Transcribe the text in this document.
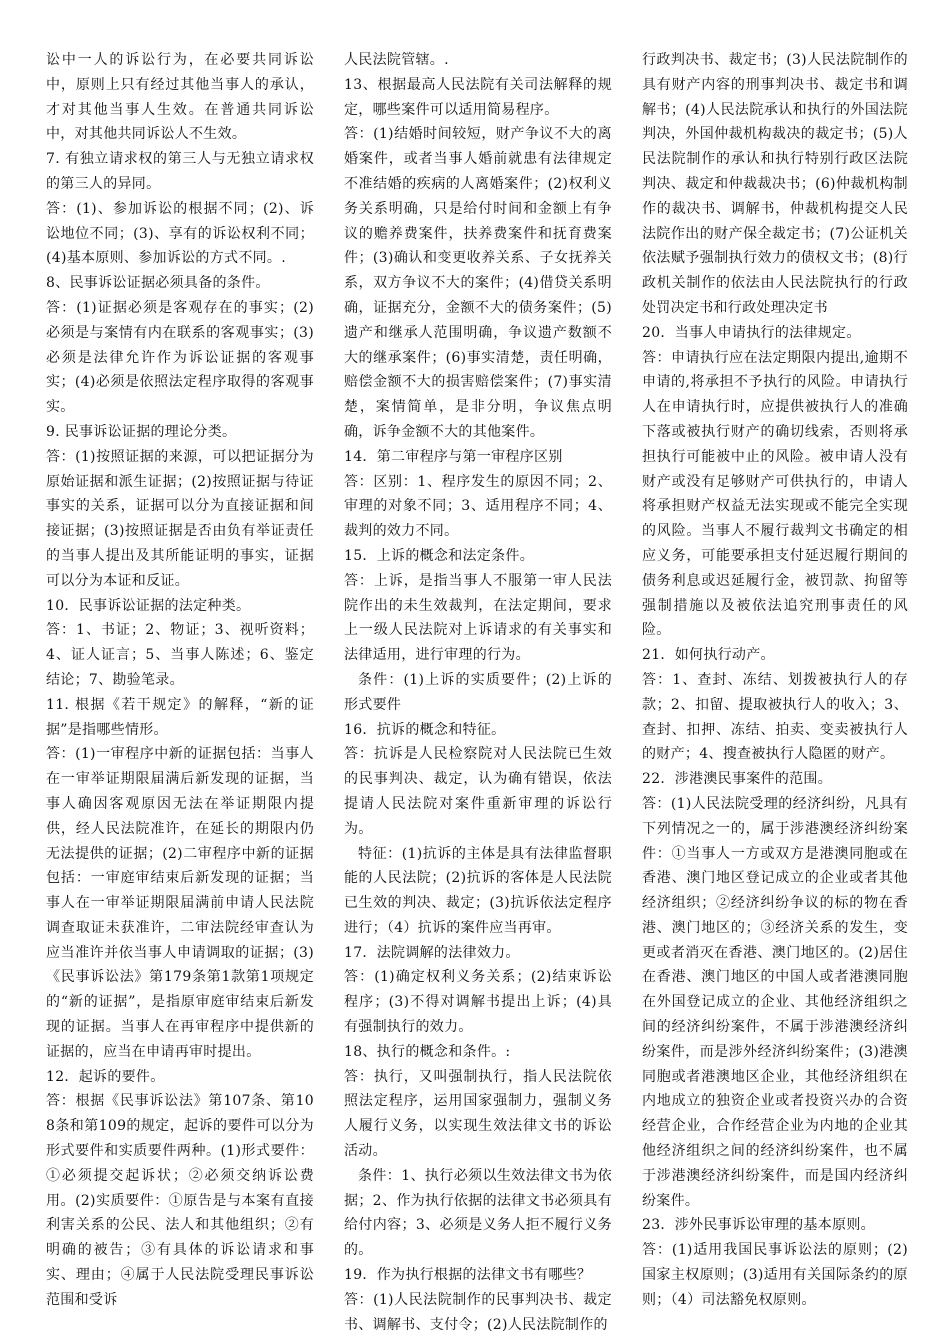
讼中一人的诉讼行为，在必要共同诉讼中，原则上只有经过其他当事人的承认，才对其他当事人生效。在普通共同诉讼中，对其他共同诉讼人不生效。

7. 有独立请求权的第三人与无独立请求权的第三人的异同。

答：(1)、参加诉讼的根据不同；(2)、诉讼地位不同；(3)、享有的诉讼权利不同；(4)基本原则、参加诉讼的方式不同。.

8、民事诉讼证据必须具备的条件。

答：(1)证据必须是客观存在的事实；(2)必须是与案情有内在联系的客观事实；(3)必须是法律允许作为诉讼证据的客观事实；(4)必须是依照法定程序取得的客观事实。

9. 民事诉讼证据的理论分类。

答：(1)按照证据的来源，可以把证据分为原始证据和派生证据；(2)按照证据与待证事实的关系，证据可以分为直接证据和间接证据；(3)按照证据是否由负有举证责任的当事人提出及其所能证明的事实，证据可以分为本证和反证。

10．民事诉讼证据的法定种类。

答：1、书证；2、物证；3、视听资料；4、证人证言；5、当事人陈述；6、鉴定结论；7、勘验笔录。

11. 根据《若干规定》的解释，“新的证据”是指哪些情形。

答：(1)一审程序中新的证据包括：当事人在一审举证期限届满后新发现的证据，当事人确因客观原因无法在举证期限内提供，经人民法院准许，在延长的期限内仍无法提供的证据；(2)二审程序中新的证据包括：一审庭审结束后新发现的证据；当事人在一审举证期限届满前申请人民法院调查取证未获准许，二审法院经审查认为应当准许并依当事人申请调取的证据；(3)《民事诉讼法》第179条第1款第1项规定的“新的证据”，是指原审庭审结束后新发现的证据。当事人在再审程序中提供新的证据的，应当在申请再审时提出。

12．起诉的要件。

答：根据《民事诉讼法》第107条、第108条和第109的规定，起诉的要件可以分为形式要件和实质要件两种。(1)形式要件：①必须提交起诉状；②必须交纳诉讼费用。(2)实质要件：①原告是与本案有直接利害关系的公民、法人和其他组织；②有明确的被告；③有具体的诉讼请求和事实、理由；④属于人民法院受理民事诉讼范围和受诉

人民法院管辖。.

13、根据最高人民法院有关司法解释的规定，哪些案件可以适用简易程序。

答：(1)结婚时间较短，财产争议不大的离婚案件，或者当事人婚前就患有法律规定不准结婚的疾病的人离婚案件；(2)权利义务关系明确，只是给付时间和金额上有争议的赡养费案件，扶养费案件和抚育费案件；(3)确认和变更收养关系、子女抚养关系，双方争议不大的案件；(4)借贷关系明确，证据充分，金额不大的债务案件；(5)遗产和继承人范围明确，争议遗产数额不大的继承案件；(6)事实清楚，责任明确，赔偿金额不大的损害赔偿案件；(7)事实清楚，案情简单，是非分明，争议焦点明确，诉争金额不大的其他案件。

14．第二审程序与第一审程序区别

答：区别：1、程序发生的原因不同；2、审理的对象不同；3、适用程序不同；4、裁判的效力不同。

15．上诉的概念和法定条件。

答：上诉，是指当事人不服第一审人民法院作出的未生效裁判，在法定期间，要求上一级人民法院对上诉请求的有关事实和法律适用，进行审理的行为。

条件：(1)上诉的实质要件；(2)上诉的形式要件

16．抗诉的概念和特征。

答：抗诉是人民检察院对人民法院已生效的民事判决、裁定，认为确有错误，依法提请人民法院对案件重新审理的诉讼行为。

特征：(1)抗诉的主体是具有法律监督职能的人民法院；(2)抗诉的客体是人民法院已生效的判决、裁定；(3)抗诉依法定程序进行；（4）抗诉的案件应当再审。

17．法院调解的法律效力。

答：(1)确定权利义务关系；(2)结束诉讼程序；(3)不得对调解书提出上诉；(4)具有强制执行的效力。

18、执行的概念和条件。:

答：执行，又叫强制执行，指人民法院依照法定程序，运用国家强制力，强制义务人履行义务，以实现生效法律文书的诉讼活动。

条件：1、执行必须以生效法律文书为依据；2、作为执行依据的法律文书必须具有给付内容；3、必须是义务人拒不履行义务的。

19．作为执行根据的法律文书有哪些？

答：(1)人民法院制作的民事判决书、裁定书、调解书、支付令；(2)人民法院制作的

行政判决书、裁定书；(3)人民法院制作的具有财产内容的刑事判决书、裁定书和调解书；(4)人民法院承认和执行的外国法院判决，外国仲裁机构裁决的裁定书；(5)人民法院制作的承认和执行特别行政区法院判决、裁定和仲裁裁决书；(6)仲裁机构制作的裁决书、调解书，仲裁机构提交人民法院作出的财产保全裁定书；(7)公证机关依法赋予强制执行效力的债权文书；(8)行政机关制作的依法由人民法院执行的行政处罚决定书和行政处理决定书

20．当事人申请执行的法律规定。

答：申请执行应在法定期限内提出,逾期不申请的,将承担不予执行的风险。申请执行人在申请执行时，应提供被执行人的准确下落或被执行财产的确切线索，否则将承担执行可能被中止的风险。被申请人没有财产或没有足够财产可供执行的，申请人将承担财产权益无法实现或不能完全实现的风险。当事人不履行裁判文书确定的相应义务，可能要承担支付延迟履行期间的债务利息或迟延履行金，被罚款、拘留等强制措施以及被依法追究刑事责任的风险。

21．如何执行动产。

答：1、查封、冻结、划拨被执行人的存款；2、扣留、提取被执行人的收入；3、查封、扣押、冻结、拍卖、变卖被执行人的财产；4、搜查被执行人隐匿的财产。

22．涉港澳民事案件的范围。

答：(1)人民法院受理的经济纠纷，凡具有下列情况之一的，属于涉港澳经济纠纷案件：①当事人一方或双方是港澳同胞或在香港、澳门地区登记成立的企业或者其他经济组织；②经济纠纷争议的标的物在香港、澳门地区的；③经济关系的发生，变更或者消灭在香港、澳门地区的。(2)居住在香港、澳门地区的中国人或者港澳同胞在外国登记成立的企业、其他经济组织之间的经济纠纷案件，不属于涉港澳经济纠纷案件，而是涉外经济纠纷案件；(3)港澳同胞或者港澳地区企业，其他经济组织在内地成立的独资企业或者投资兴办的合资经营企业，合作经营企业为内地的企业其他经济组织之间的经济纠纷案件，也不属于涉港澳经济纠纷案件，而是国内经济纠纷案件。

23．涉外民事诉讼审理的基本原则。

答：(1)适用我国民事诉讼法的原则；(2)国家主权原则；(3)适用有关国际条约的原则；（4）司法豁免权原则。
